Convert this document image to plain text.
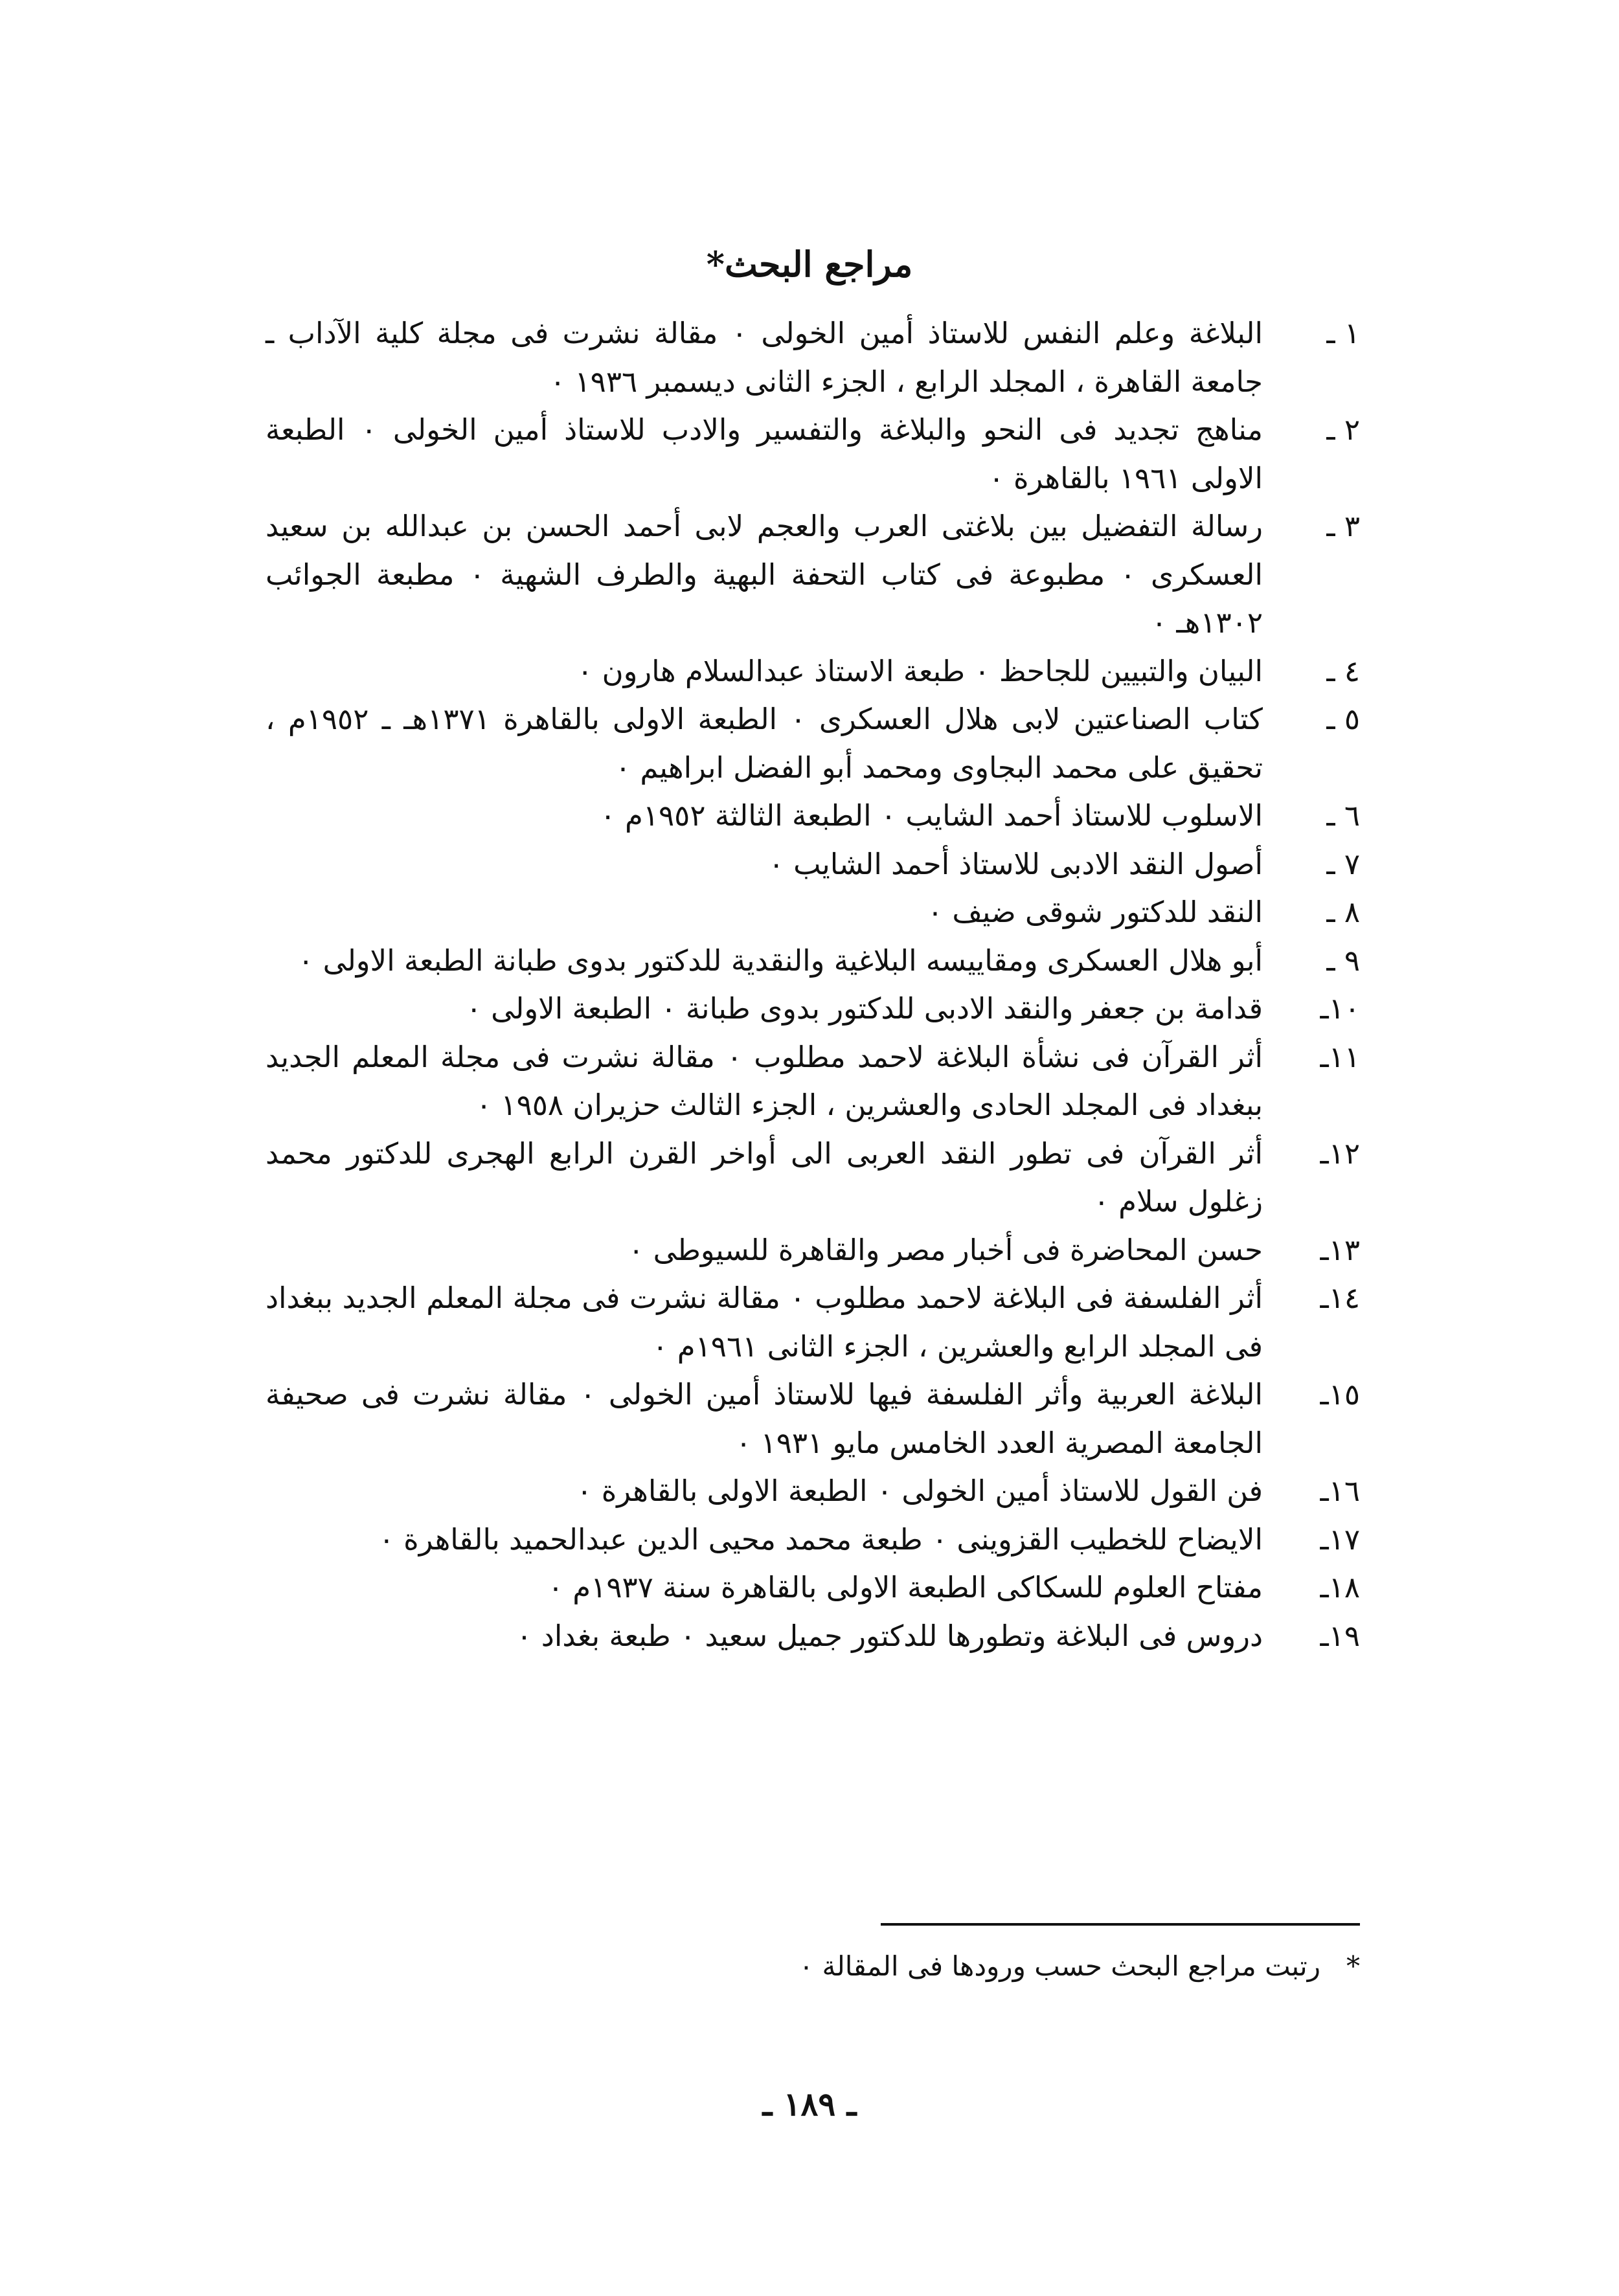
مراجع البحث*
١ ـ
البلاغة وعلم النفس للاستاذ أمين الخولى ٠ مقالة نشرت فى مجلة كلية الآداب ـ جامعة القاهرة ، المجلد الرابع ، الجزء الثانى ديسمبر ١٩٣٦ ٠
٢ ـ
مناهج تجديد فى النحو والبلاغة والتفسير والادب للاستاذ أمين الخولى ٠ الطبعة الاولى ١٩٦١ بالقاهرة ٠
٣ ـ
رسالة التفضيل بين بلاغتى العرب والعجم لابى أحمد الحسن بن عبدالله بن سعيد العسكرى ٠ مطبوعة فى كتاب التحفة البهية والطرف الشهية ٠ مطبعة الجوائب ١٣٠٢هـ ٠
٤ ـ
البيان والتبيين للجاحظ ٠ طبعة الاستاذ عبدالسلام هارون ٠
٥ ـ
كتاب الصناعتين لابى هلال العسكرى ٠ الطبعة الاولى بالقاهرة ١٣٧١هـ ـ ١٩٥٢م ، تحقيق على محمد البجاوى ومحمد أبو الفضل ابراهيم ٠
٦ ـ
الاسلوب للاستاذ أحمد الشايب ٠ الطبعة الثالثة ١٩٥٢م ٠
٧ ـ
أصول النقد الادبى للاستاذ أحمد الشايب ٠
٨ ـ
النقد للدكتور شوقى ضيف ٠
٩ ـ
أبو هلال العسكرى ومقاييسه البلاغية والنقدية للدكتور بدوى طبانة الطبعة الاولى ٠
١٠ـ
قدامة بن جعفر والنقد الادبى للدكتور بدوى طبانة ٠ الطبعة الاولى ٠
١١ـ
أثر القرآن فى نشأة البلاغة لاحمد مطلوب ٠ مقالة نشرت فى مجلة المعلم الجديد ببغداد فى المجلد الحادى والعشرين ، الجزء الثالث حزيران ١٩٥٨ ٠
١٢ـ
أثر القرآن فى تطور النقد العربى الى أواخر القرن الرابع الهجرى للدكتور محمد زغلول سلام ٠
١٣ـ
حسن المحاضرة فى أخبار مصر والقاهرة للسيوطى ٠
١٤ـ
أثر الفلسفة فى البلاغة لاحمد مطلوب ٠ مقالة نشرت فى مجلة المعلم الجديد ببغداد فى المجلد الرابع والعشرين ، الجزء الثانى ١٩٦١م ٠
١٥ـ
البلاغة العربية وأثر الفلسفة فيها للاستاذ أمين الخولى ٠ مقالة نشرت فى صحيفة الجامعة المصرية العدد الخامس مايو ١٩٣١ ٠
١٦ـ
فن القول للاستاذ أمين الخولى ٠ الطبعة الاولى بالقاهرة ٠
١٧ـ
الايضاح للخطيب القزوينى ٠ طبعة محمد محيى الدين عبدالحميد بالقاهرة ٠
١٨ـ
مفتاح العلوم للسكاكى الطبعة الاولى بالقاهرة سنة ١٩٣٧م ٠
١٩ـ
دروس فى البلاغة وتطورها للدكتور جميل سعيد ٠ طبعة بغداد ٠
*رتبت مراجع البحث حسب ورودها فى المقالة ٠
ـ ١٨٩ ـ
